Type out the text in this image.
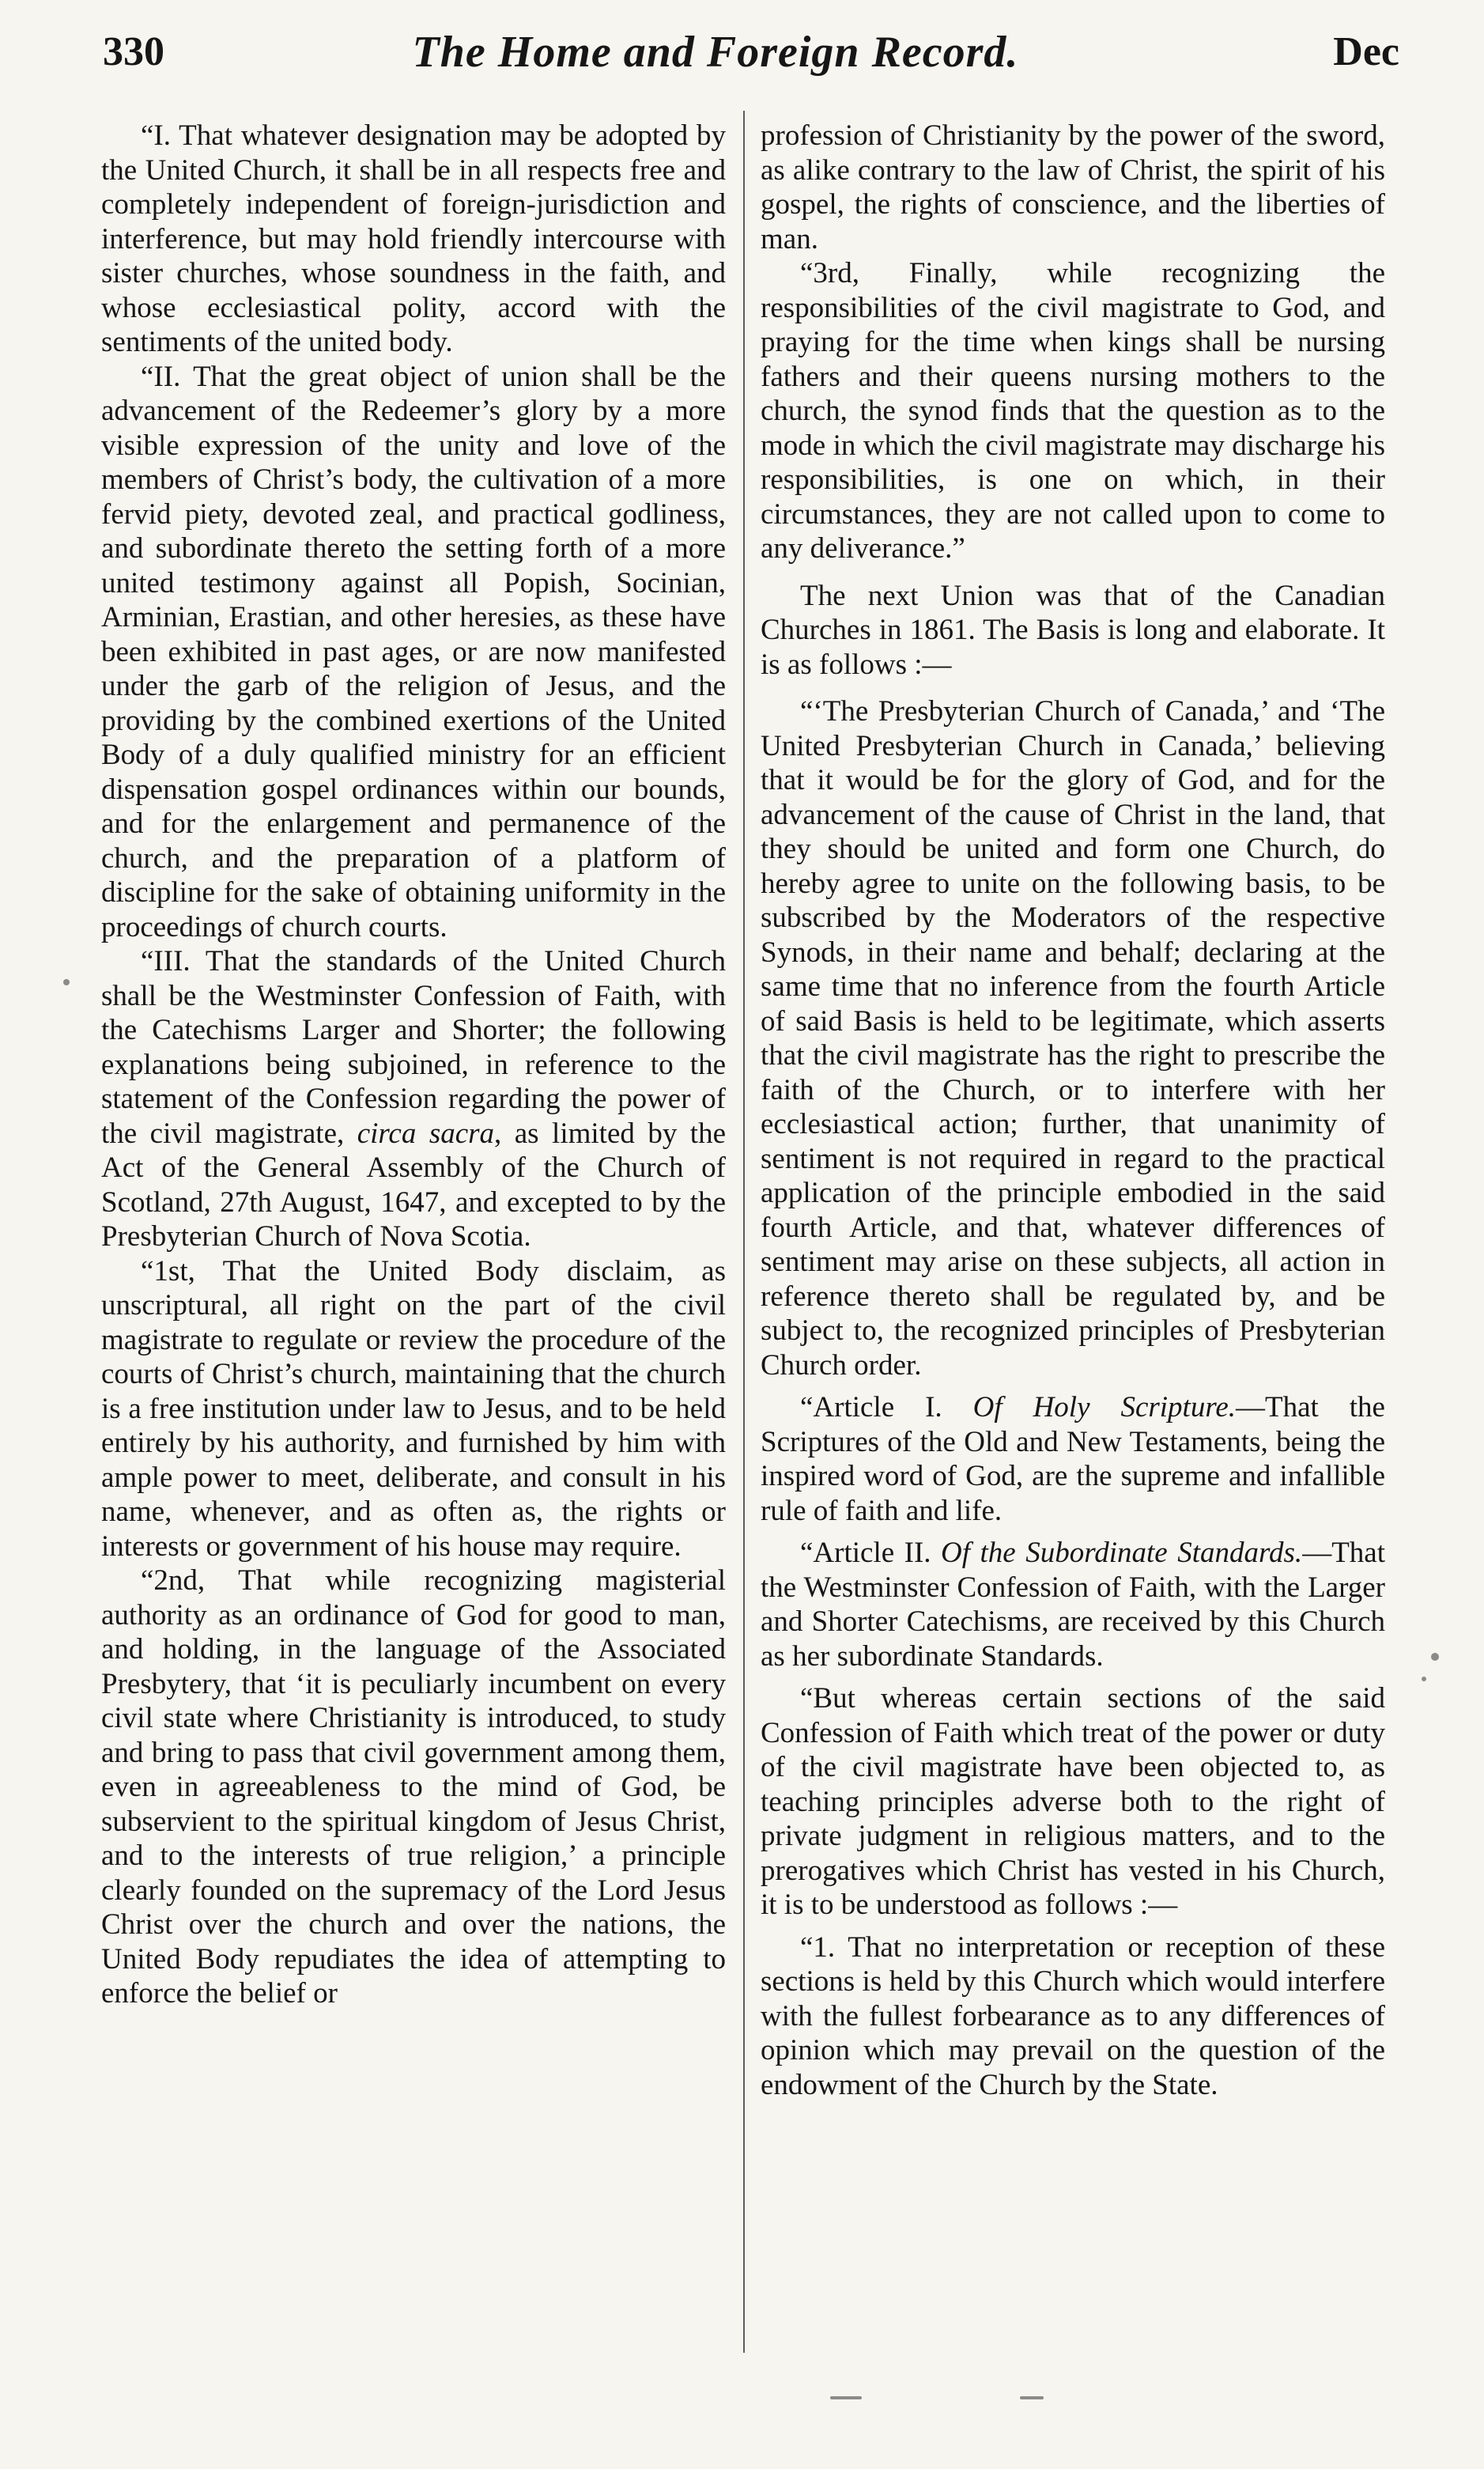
330	The Home and Foreign Record.	Dec

“I. That whatever designation may be adopted by the United Church, it shall be in all respects free and completely independent of foreign-jurisdiction and interference, but may hold friendly intercourse with sister churches, whose soundness in the faith, and whose ecclesiastical polity, accord with the sentiments of the united body.

“II. That the great object of union shall be the advancement of the Redeemer’s glory by a more visible expression of the unity and love of the members of Christ’s body, the cultivation of a more fervid piety, devoted zeal, and practical godliness, and subordinate thereto the setting forth of a more united testimony against all Popish, Socinian, Arminian, Erastian, and other heresies, as these have been exhibited in past ages, or are now manifested under the garb of the religion of Jesus, and the providing by the combined exertions of the United Body of a duly qualified ministry for an efficient dispensation gospel ordinances within our bounds, and for the enlargement and permanence of the church, and the preparation of a platform of discipline for the sake of obtaining uniformity in the proceedings of church courts.

“III. That the standards of the United Church shall be the Westminster Confession of Faith, with the Catechisms Larger and Shorter; the following explanations being subjoined, in reference to the statement of the Confession regarding the power of the civil magistrate, circa sacra, as limited by the Act of the General Assembly of the Church of Scotland, 27th August, 1647, and excepted to by the Presbyterian Church of Nova Scotia.

“1st, That the United Body disclaim, as unscriptural, all right on the part of the civil magistrate to regulate or review the procedure of the courts of Christ’s church, maintaining that the church is a free institution under law to Jesus, and to be held entirely by his authority, and furnished by him with ample power to meet, deliberate, and consult in his name, whenever, and as often as, the rights or interests or government of his house may require.

“2nd, That while recognizing magisterial authority as an ordinance of God for good to man, and holding, in the language of the Associated Presbytery, that ‘it is peculiarly incumbent on every civil state where Christianity is introduced, to study and bring to pass that civil government among them, even in agreeableness to the mind of God, be subservient to the spiritual kingdom of Jesus Christ, and to the interests of true religion,’ a principle clearly founded on the supremacy of the Lord Jesus Christ over the church and over the nations, the United Body repudiates the idea of attempting to enforce the belief or

profession of Christianity by the power of the sword, as alike contrary to the law of Christ, the spirit of his gospel, the rights of conscience, and the liberties of man.

“3rd, Finally, while recognizing the responsibilities of the civil magistrate to God, and praying for the time when kings shall be nursing fathers and their queens nursing mothers to the church, the synod finds that the question as to the mode in which the civil magistrate may discharge his responsibilities, is one on which, in their circumstances, they are not called upon to come to any deliverance.”

The next Union was that of the Canadian Churches in 1861. The Basis is long and elaborate. It is as follows :—

“‘The Presbyterian Church of Canada,’ and ‘The United Presbyterian Church in Canada,’ believing that it would be for the glory of God, and for the advancement of the cause of Christ in the land, that they should be united and form one Church, do hereby agree to unite on the following basis, to be subscribed by the Moderators of the respective Synods, in their name and behalf; declaring at the same time that no inference from the fourth Article of said Basis is held to be legitimate, which asserts that the civil magistrate has the right to prescribe the faith of the Church, or to interfere with her ecclesiastical action; further, that unanimity of sentiment is not required in regard to the practical application of the principle embodied in the said fourth Article, and that, whatever differences of sentiment may arise on these subjects, all action in reference thereto shall be regulated by, and be subject to, the recognized principles of Presbyterian Church order.

“Article I. Of Holy Scripture.—That the Scriptures of the Old and New Testaments, being the inspired word of God, are the supreme and infallible rule of faith and life.

“Article II. Of the Subordinate Standards.—That the Westminster Confession of Faith, with the Larger and Shorter Catechisms, are received by this Church as her subordinate Standards.

“But whereas certain sections of the said Confession of Faith which treat of the power or duty of the civil magistrate have been objected to, as teaching principles adverse both to the right of private judgment in religious matters, and to the prerogatives which Christ has vested in his Church, it is to be understood as follows :—

“1. That no interpretation or reception of these sections is held by this Church which would interfere with the fullest forbearance as to any differences of opinion which may prevail on the question of the endowment of the Church by the State.
